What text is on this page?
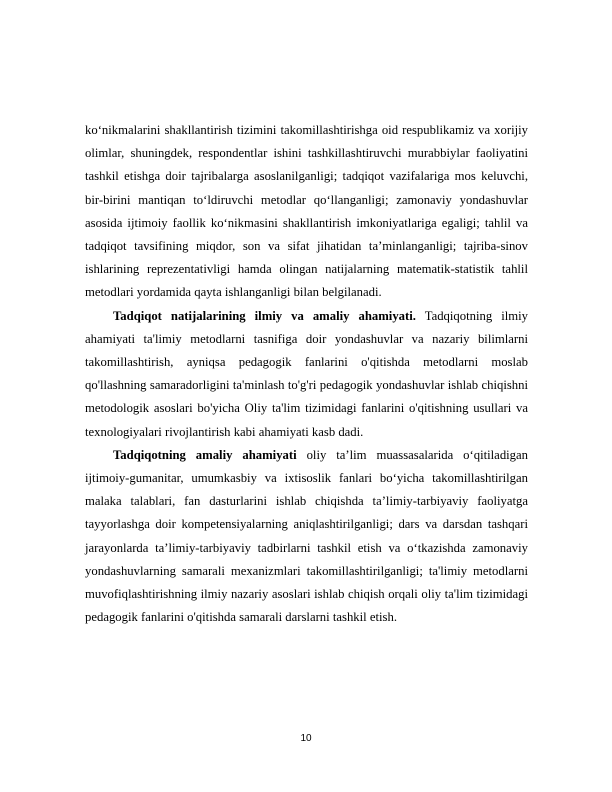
ko‘nikmalarini shakllantirish tizimini takomillashtirishga oid respublikamiz va xorijiy olimlar, shuningdek, respondentlar ishini tashkillashtiruvchi murabbiylar faoliyatini tashkil etishga doir tajribalarga asoslanilganligi; tadqiqot vazifalariga mos keluvchi, bir-birini mantiqan to‘ldiruvchi metodlar qo‘llanganligi; zamonaviy yondashuvlar asosida ijtimoiy faollik ko‘nikmasini shakllantirish imkoniyatlariga egaligi; tahlil va tadqiqot tavsifining miqdor, son va sifat jihatidan ta’minlanganligi; tajriba-sinov ishlarining reprezentativligi hamda olingan natijalarning matematik-statistik tahlil metodlari yordamida qayta ishlanganligi bilan belgilanadi.

Tadqiqot natijalarining ilmiy va amaliy ahamiyati. Tadqiqotning ilmiy ahamiyati ta'limiy metodlarni tasnifiga doir yondashuvlar va nazariy bilimlarni takomillashtirish, ayniqsa pedagogik fanlarini o'qitishda metodlarni moslab qo'llashning samaradorligini ta'minlash to'g'ri pedagogik yondashuvlar ishlab chiqishni metodologik asoslari bo'yicha Oliy ta'lim tizimidagi fanlarini o'qitishning usullari va texnologiyalari rivojlantirish kabi ahamiyati kasb dadi.

Tadqiqotning amaliy ahamiyati oliy ta’lim muassasalarida o‘qitiladigan ijtimoiy-gumanitar, umumkasbiy va ixtisoslik fanlari bo‘yicha takomillashtirilgan malaka talablari, fan dasturlarini ishlab chiqishda ta’limiy-tarbiyaviy faoliyatga tayyorlashga doir kompetensiyalarning aniqlashtirilganligi; dars va darsdan tashqari jarayonlarda ta’limiy-tarbiyaviy tadbirlarni tashkil etish va o‘tkazishda zamonaviy yondashuvlarning samarali mexanizmlari takomillashtirilganligi; ta'limiy metodlarni muvofiqlashtirishning ilmiy nazariy asoslari ishlab chiqish orqali oliy ta'lim tizimidagi pedagogik fanlarini o'qitishda samarali darslarni tashkil etish.

10
